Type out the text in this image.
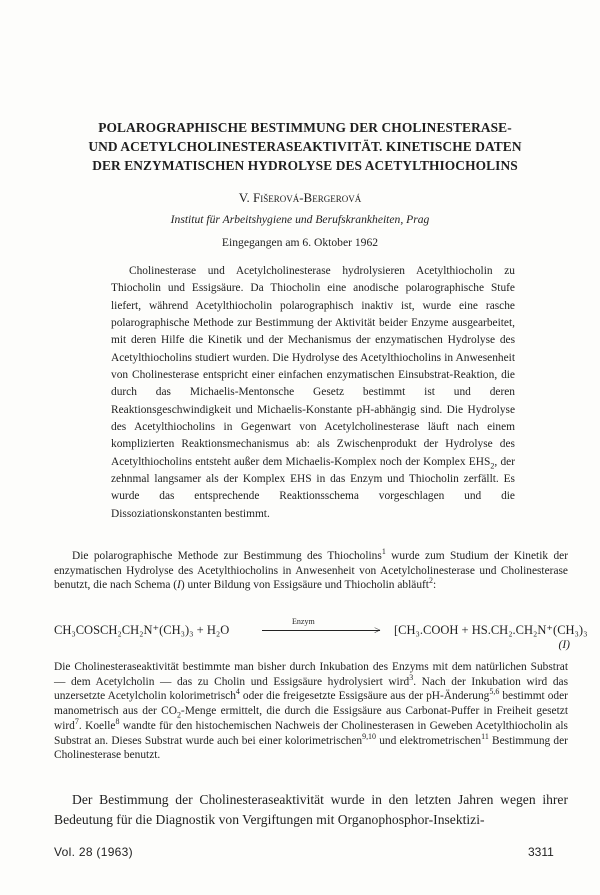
POLAROGRAPHISCHE BESTIMMUNG DER CHOLINESTERASE-
UND ACETYLCHOLINESTERASEAKTIVITÄT. KINETISCHE DATEN
DER ENZYMATISCHEN HYDROLYSE DES ACETYLTHIOCHOLINS
V. Fišerová-Bergerová
Institut für Arbeitshygiene und Berufskrankheiten, Prag
Eingegangen am 6. Oktober 1962

Cholinesterase und Acetylcholinesterase hydrolysieren Acetylthiocholin zu Thiocholin und Essigsäure. Da Thiocholin eine anodische polarographische Stufe liefert, während Acetylthiocholin polarographisch inaktiv ist, wurde eine rasche polarographische Methode zur Bestimmung der Aktivität beider Enzyme ausgearbeitet, mit deren Hilfe die Kinetik und der Mechanismus der enzymatischen Hydrolyse des Acetylthiocholins studiert wurden. Die Hydrolyse des Acetylthiocholins in Anwesenheit von Cholinesterase entspricht einer einfachen enzymatischen Einsubstrat-Reaktion, die durch das Michaelis-Mentonsche Gesetz bestimmt ist und deren Reaktionsgeschwindigkeit und Michaelis-Konstante pH-abhängig sind. Die Hydrolyse des Acetylthiocholins in Gegenwart von Acetylcholinesterase läuft nach einem komplizierten Reaktionsmechanismus ab: als Zwischenprodukt der Hydrolyse des Acetylthiocholins entsteht außer dem Michaelis-Komplex noch der Komplex $EHS_2$, der zehnmal langsamer als der Komplex EHS in das Enzym und Thiocholin zerfällt. Es wurde das entsprechende Reaktionsschema vorgeschlagen und die Dissoziationskonstanten bestimmt.

Die polarographische Methode zur Bestimmung des Thiocholins$^1$ wurde zum Studium der Kinetik der enzymatischen Hydrolyse des Acetylthiocholins in Anwesenheit von Acetylcholinesterase und Cholinesterase benutzt, die nach Schema (I) unter Bildung von Essigsäure und Thiocholin abläuft$^2$:

CH₃COSCH₂CH₂N⁺(CH₃)₃ + H₂O
Enzym
> [CH₃.COOH + HS.CH₂.CH₂N⁺(CH₃)₃
(I)

Die Cholinesteraseaktivität bestimmte man bisher durch Inkubation des Enzyms mit dem natürlichen Substrat — dem Acetylcholin — das zu Cholin und Essigsäure hydrolysiert wird$^3$. Nach der Inkubation wird das unzersetzte Acetylcholin kolorimetrisch$^4$ oder die freigesetzte Essigsäure aus der pH-Änderung$^{5,6}$ bestimmt oder manometrisch aus der $CO_2$-Menge ermittelt, die durch die Essigsäure aus Carbonat-Puffer in Freiheit gesetzt wird$^7$. Koelle$^8$ wandte für den histochemischen Nachweis der Cholinesterasen in Geweben Acetylthiocholin als Substrat an. Dieses Substrat wurde auch bei einer kolorimetrischen$^{9,10}$ und elektrometrischen$^{11}$ Bestimmung der Cholinesterase benutzt.

Der Bestimmung der Cholinesteraseaktivität wurde in den letzten Jahren wegen ihrer Bedeutung für die Diagnostik von Vergiftungen mit Organophosphor-Insektizi-

Vol. 28 (1963)	3311
